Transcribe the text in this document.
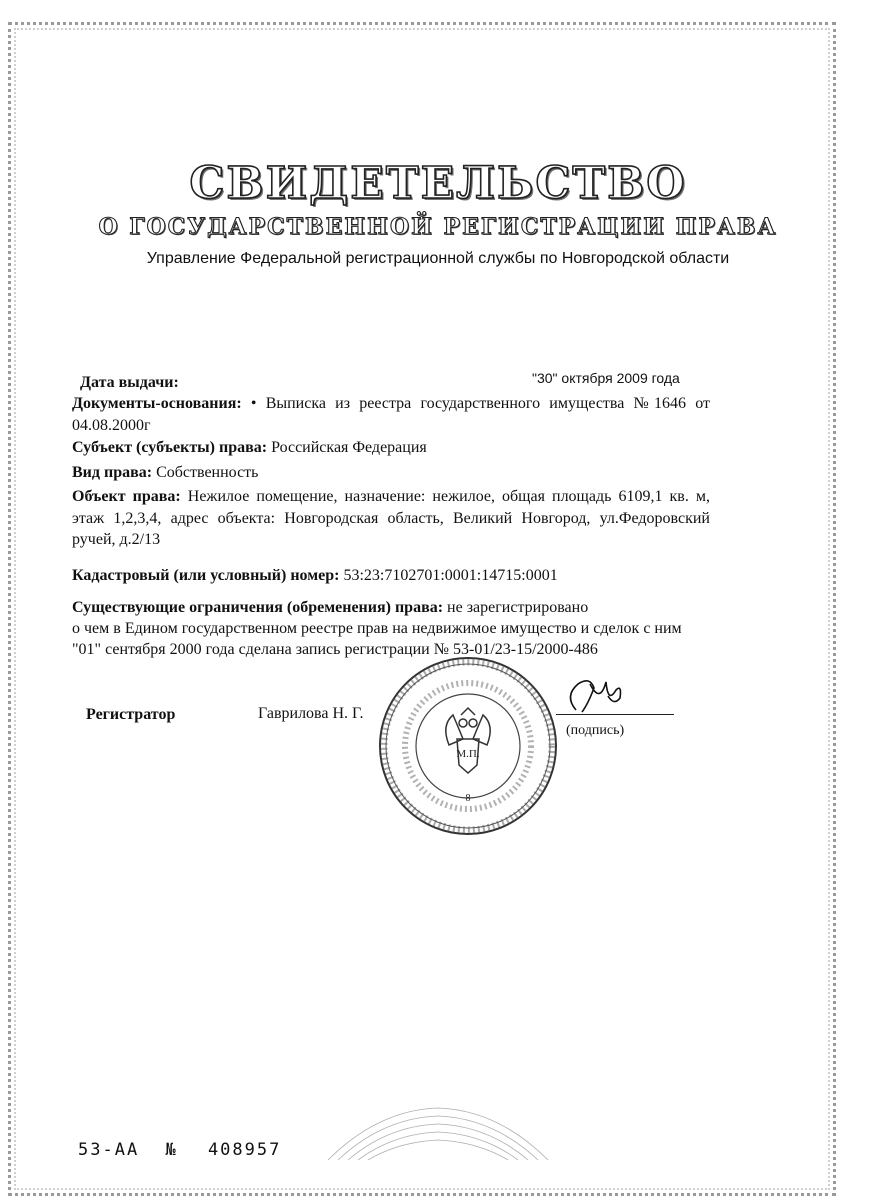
СВИДЕТЕЛЬСТВО
О ГОСУДАРСТВЕННОЙ РЕГИСТРАЦИИ ПРАВА
Управление Федеральной регистрационной службы по Новгородской области
Дата выдачи:	"30" октября 2009 года
Документы-основания: • Выписка из реестра государственного имущества №1646 от 04.08.2000г
Субъект (субъекты) права: Российская Федерация
Вид права: Собственность
Объект права: Нежилое помещение, назначение: нежилое, общая площадь 6109,1 кв. м, этаж 1,2,3,4, адрес объекта: Новгородская область, Великий Новгород, ул.Федоровский ручей, д.2/13
Кадастровый (или условный) номер: 53:23:7102701:0001:14715:0001
Существующие ограничения (обременения) права: не зарегистрировано
о чем в Едином государственном реестре прав на недвижимое имущество и сделок с ним
"01" сентября 2000 года сделана запись регистрации № 53-01/23-15/2000-486
Регистратор	Гаврилова Н. Г.
М.П.
8
(подпись)
53-АА № 408957
